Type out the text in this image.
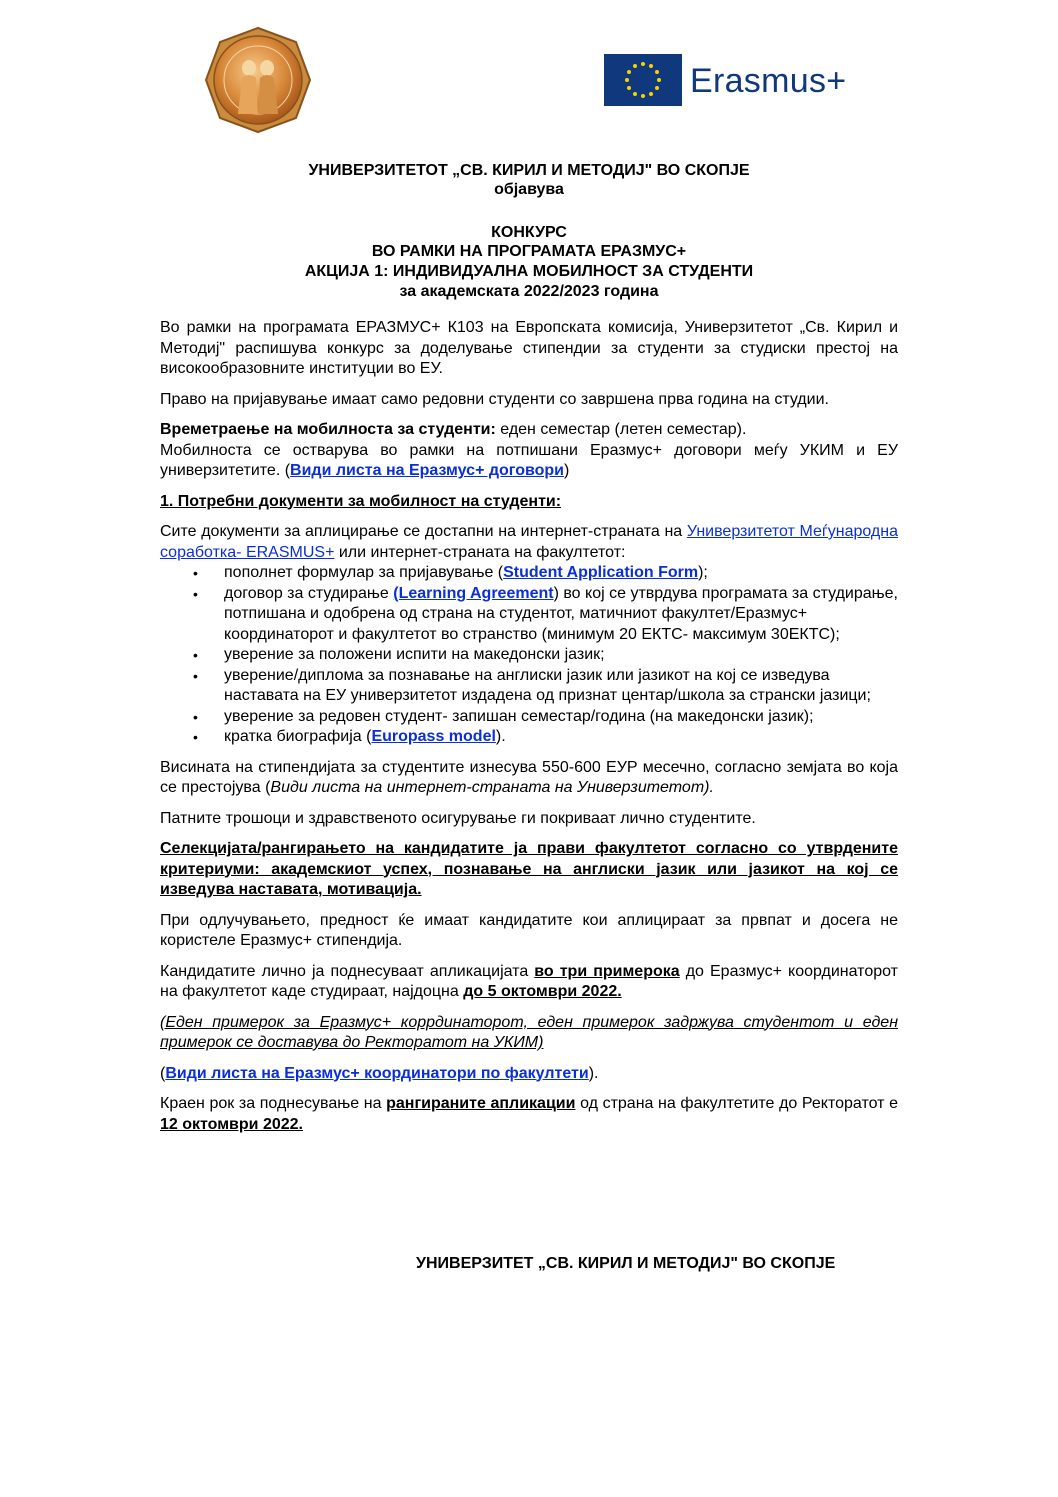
Erasmus+
УНИВЕРЗИТЕТОТ „СВ. КИРИЛ И МЕТОДИЈ" ВО СКОПЈЕ
објавува
КОНКУРС
ВО РАМКИ НА ПРОГРАМАТА ЕРАЗМУС+
АКЦИЈА 1: ИНДИВИДУАЛНА МОБИЛНОСТ ЗА СТУДЕНТИ
за академската 2022/2023 година

Во рамки на програмата ЕРАЗМУС+ К103 на Европската комисија, Универзитетот „Св. Кирил и Методиј" распишува конкурс за доделување стипендии за студенти за студиски престој на високообразовните институции во ЕУ.

Право на пријавување имаат само редовни студенти со завршена прва година на студии.

Времетраење на мобилноста за студенти: еден семестар (летен семестар).
Мобилноста се остварува во рамки на потпишани Еразмус+ договори меѓу УКИМ и ЕУ универзитетите. (Види листа на Еразмус+ договори)

1. Потребни документи за мобилност на студенти:

Сите документи за аплицирање се достапни на интернет-страната на Универзитетот Меѓународна соработка- ERASMUS+ или интернет-страната на факултетот:

• пополнет формулар за пријавување (Student Application Form);
• договор за студирање (Learning Agreement) во кој се утврдува програмата за студирање, потпишана и одобрена од страна на студентот, матичниот факултет/Еразмус+ координаторот и факултетот во странство (минимум 20 ЕКТС- максимум 30ЕКТС);
• уверение за положени испити на македонски јазик;
• уверение/диплома за познавање на англиски јазик или јазикот на кој се изведува наставата на ЕУ универзитетот издадена од признат центар/школа за странски јазици;
• уверение за редовен студент- запишан семестар/година (на македонски јазик);
• кратка биографија (Europass model).

Висината на стипендијата за студентите изнесува 550-600 ЕУР месечно, согласно земјата во која се престојува (Види листа на интернет-страната на Универзитетот).

Патните трошоци и здравственото осигурување ги покриваат лично студентите.

Селекцијата/рангирањето на кандидатите ја прави факултетот согласно со утврдените критериуми: академскиот успех, познавање на англиски јазик или јазикот на кој се изведува наставата, мотивација.

При одлучувањето, предност ќе имаат кандидатите кои аплицираат за првпат и досега не користеле Еразмус+ стипендија.

Кандидатите лично ја поднесуваат апликацијата во три примерока до Еразмус+ координаторот на факултетот каде студираат, најдоцна до 5 октомври 2022.

(Еден примерок за Еразмус+ коррдинаторот, еден примерок задржува студентот и еден примерок се доставува до Ректоратот на УКИМ)

(Види листа на Еразмус+ координатори по факултети).

Краен рок за поднесување на рангираните апликации од страна на факултетите до Ректоратот е 12 октомври 2022.

УНИВЕРЗИТЕТ „СВ. КИРИЛ И МЕТОДИЈ" ВО СКОПЈЕ
